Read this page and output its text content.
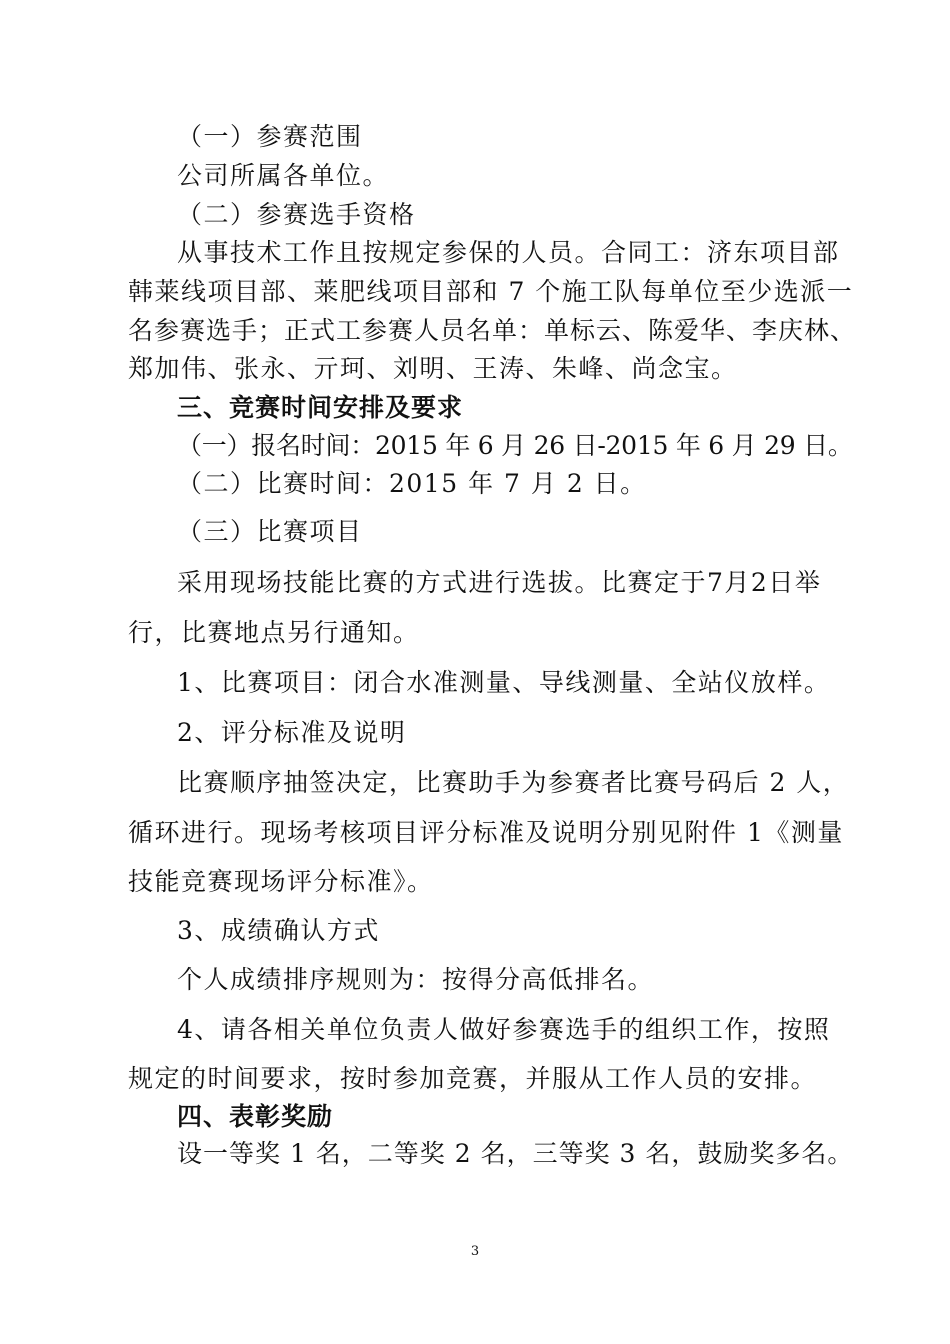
（一）参赛范围
公司所属各单位。
（二）参赛选手资格
从事技术工作且按规定参保的人员。合同工：济东项目部
韩莱线项目部、莱肥线项目部和 7 个施工队每单位至少选派一
名参赛选手；正式工参赛人员名单：单标云、陈爱华、李庆林、
郑加伟、张永、亓珂、刘明、王涛、朱峰、尚念宝。
三、竞赛时间安排及要求
（一）报名时间：2015 年 6 月 26 日-2015 年 6 月 29 日。
（二）比赛时间：2015 年 7 月 2 日。
（三）比赛项目
采用现场技能比赛的方式进行选拔。比赛定于7月2日举
行，比赛地点另行通知。
1、比赛项目：闭合水准测量、导线测量、全站仪放样。
2、评分标准及说明
比赛顺序抽签决定，比赛助手为参赛者比赛号码后 2 人，
循环进行。现场考核项目评分标准及说明分别见附件 1《测量
技能竞赛现场评分标准》。
3、成绩确认方式
个人成绩排序规则为：按得分高低排名。
4、请各相关单位负责人做好参赛选手的组织工作，按照
规定的时间要求，按时参加竞赛，并服从工作人员的安排。
四、表彰奖励
设一等奖 1 名，二等奖 2 名，三等奖 3 名，鼓励奖多名。
3
